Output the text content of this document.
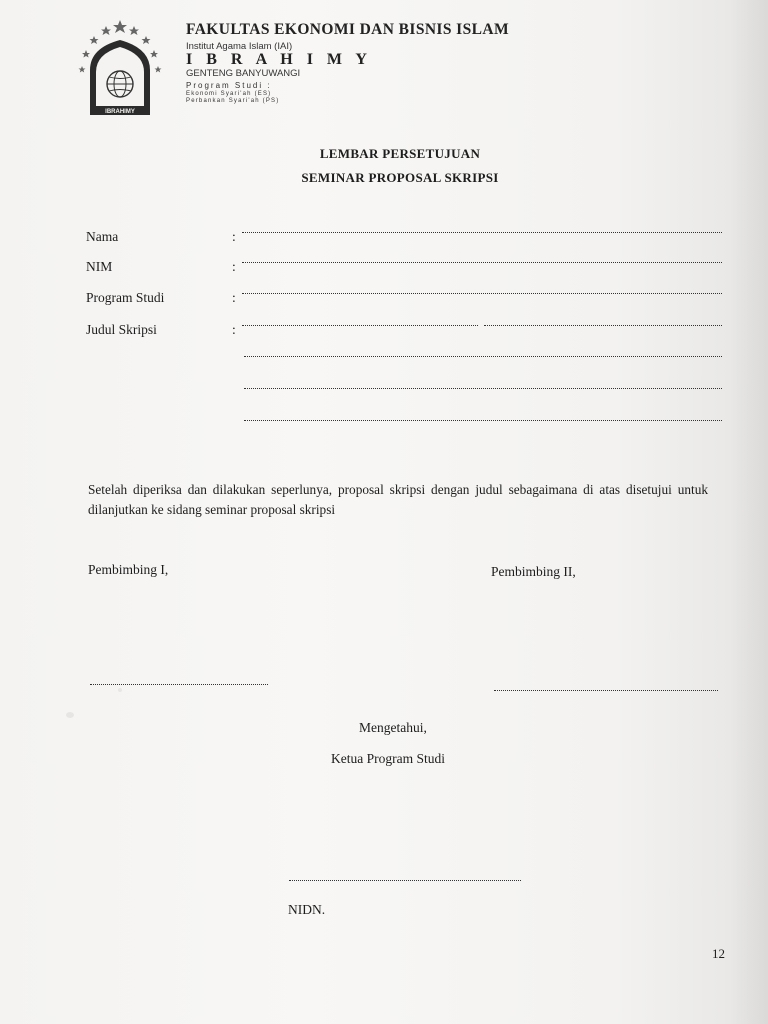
IBRAHIMY
FAKULTAS EKONOMI DAN BISNIS ISLAM
Institut Agama Islam (IAI)
I B R A H I M Y
GENTENG BANYUWANGI
Program Studi :
Ekonomi Syari'ah (ES)
Perbankan Syari'ah (PS)
LEMBAR PERSETUJUAN
SEMINAR PROPOSAL SKRIPSI
Nama	:
NIM	:
Program Studi	:
Judul Skripsi	:
Setelah diperiksa dan dilakukan seperlunya, proposal skripsi dengan judul sebagaimana di atas disetujui untuk dilanjutkan ke sidang seminar proposal skripsi
Pembimbing I,	Pembimbing II,
Mengetahui,
Ketua Program Studi
NIDN.
12
